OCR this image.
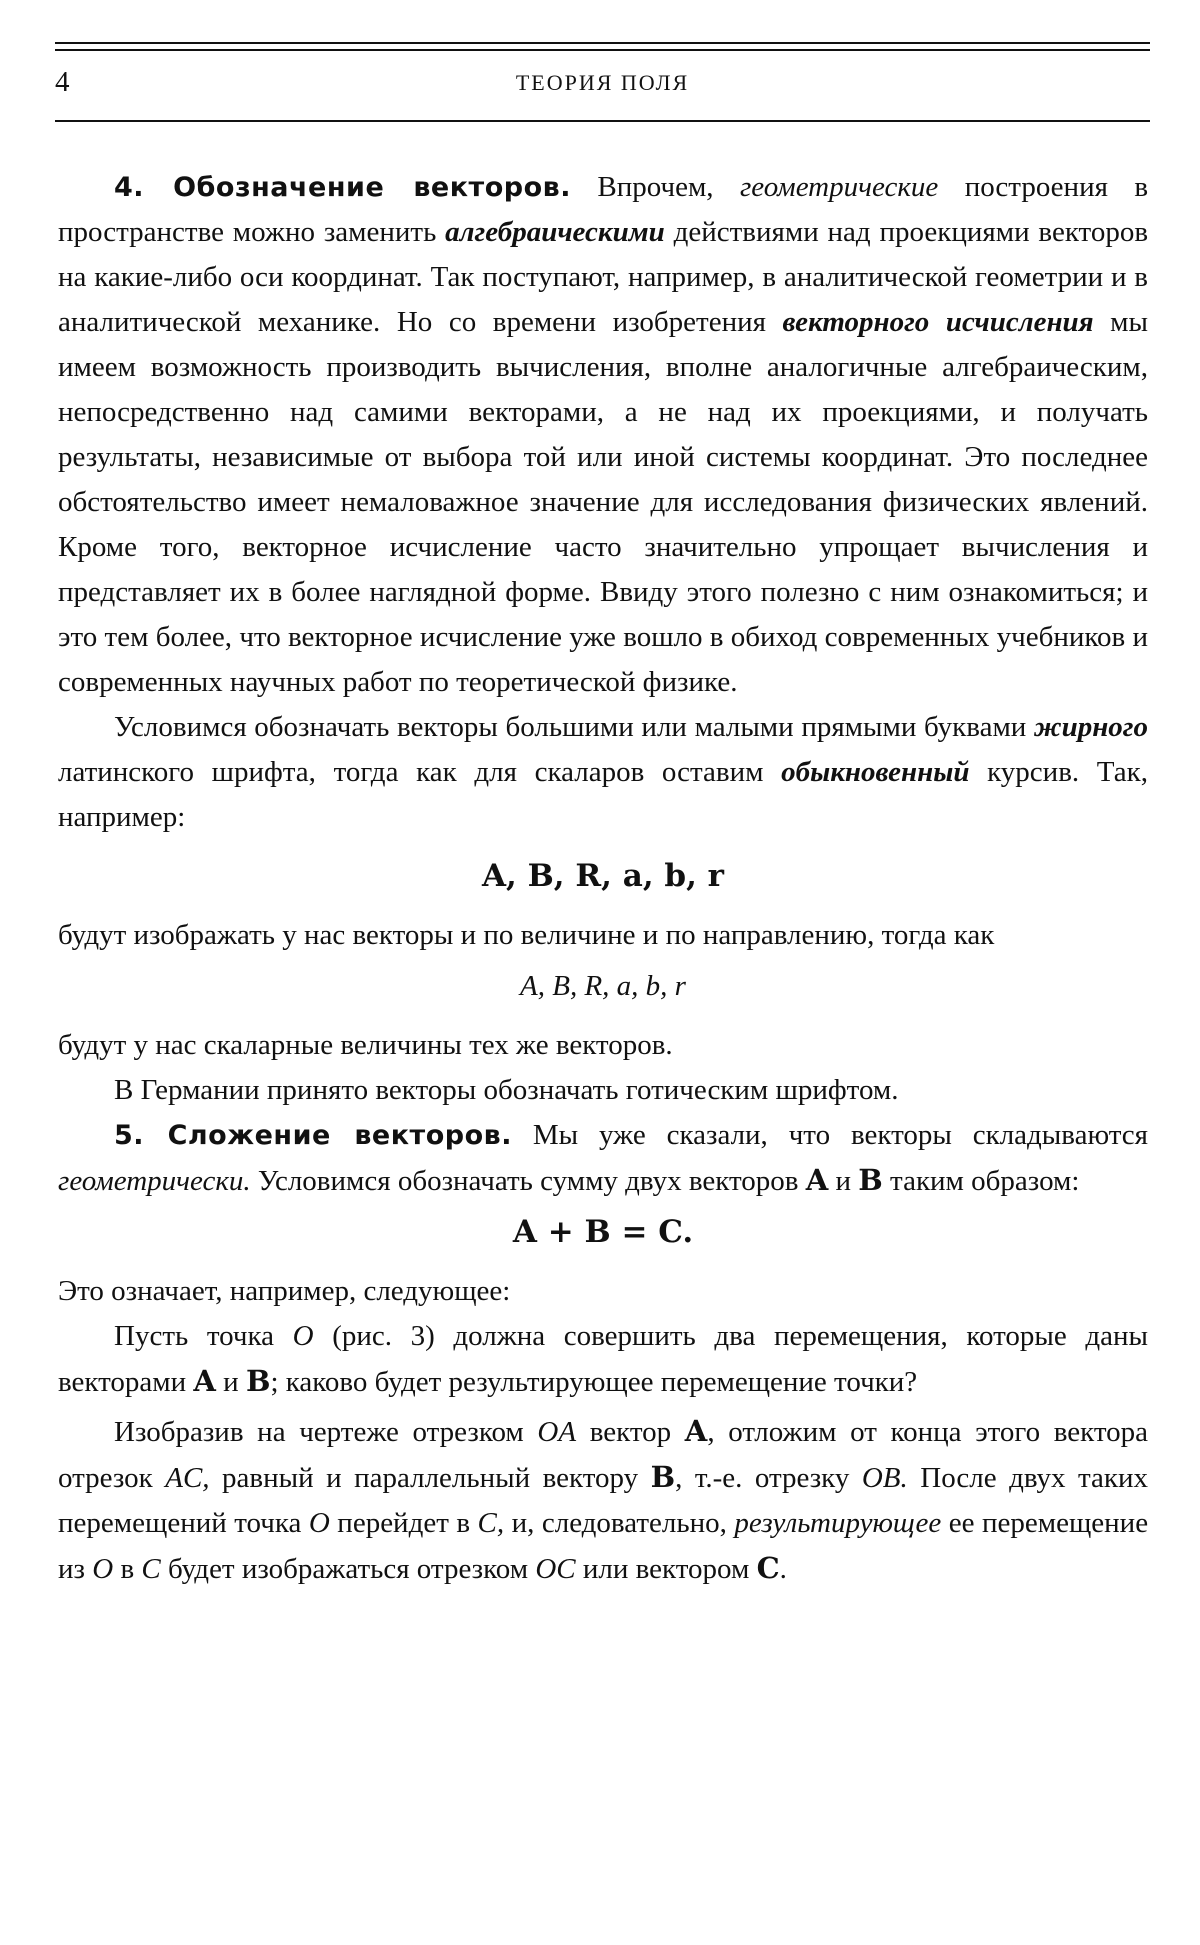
4	ТЕОРИЯ ПОЛЯ

4. Обозначение векторов. Впрочем, геометрические построения в пространстве можно заменить алгебраическими действиями над проекциями векторов на какие-либо оси координат. Так поступают, например, в аналитической геометрии и в аналитической механике. Но со времени изобретения векторного исчисления мы имеем возможность производить вычисления, вполне аналогичные алгебраическим, непосредственно над самими векторами, а не над их проекциями, и получать результаты, независимые от выбора той или иной системы координат. Это последнее обстоятельство имеет немаловажное значение для исследования физических явлений. Кроме того, векторное исчисление часто значительно упрощает вычисления и представляет их в более наглядной форме. Ввиду этого полезно с ним ознакомиться; и это тем более, что векторное исчисление уже вошло в обиход современных учебников и современных научных работ по теоретической физике.

Условимся обозначать векторы большими или малыми прямыми буквами жирного латинского шрифта, тогда как для скаларов оставим обыкновенный курсив. Так, например:

A, B, R, a, b, r

будут изображать у нас векторы и по величине и по направлению, тогда как

A, B, R, a, b, r

будут у нас скаларные величины тех же векторов.

В Германии принято векторы обозначать готическим шрифтом.

5. Сложение векторов. Мы уже сказали, что векторы складываются геометрически. Условимся обозначать сумму двух векторов A и B таким образом:

A + B = C.

Это означает, например, следующее:

Пусть точка O (рис. 3) должна совершить два перемещения, которые даны векторами A и B; каково будет результирующее перемещение точки?

Изобразив на чертеже отрезком OA вектор A, отложим от конца этого вектора отрезок AC, равный и параллельный вектору B, т.-е. отрезку OB. После двух таких перемещений точка O перейдет в C, и, следовательно, результирующее ее перемещение из O в C будет изображаться отрезком OC или вектором C.
